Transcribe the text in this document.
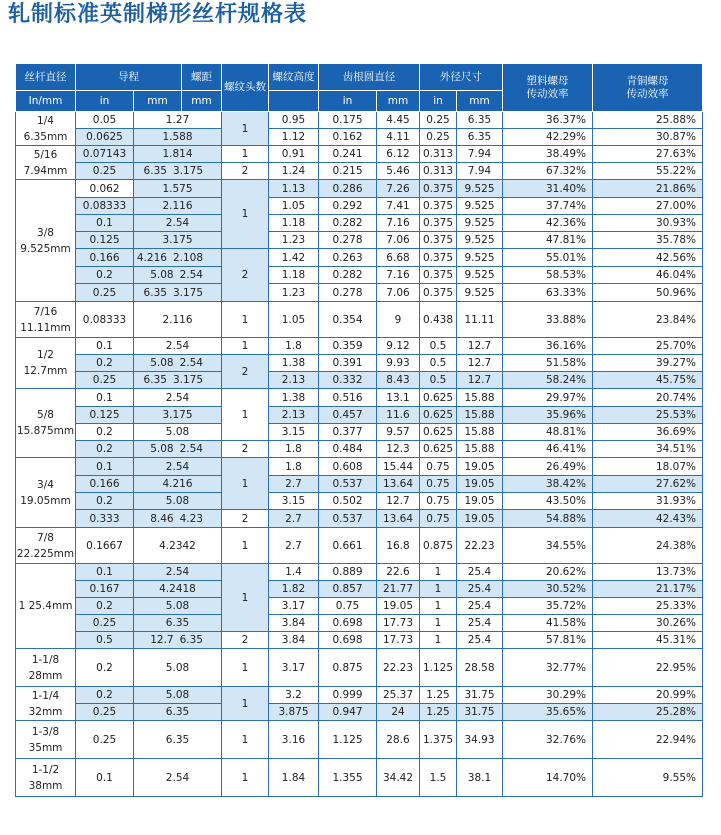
轧制标准英制梯形丝杆规格表
丝杆直径	导程		螺距	螺纹头数	螺纹高度	齿根圆直径		外径尺寸		塑料螺母传动效率	青铜螺母传动效率
In/mm	in	mm	mm			in	mm	in	mm		
1/4 6.35mm	0.05	1.27		1	0.95	0.175	4.45	0.25	6.35	36.37%	25.88%
	0.0625	1.588			1.12	0.162	4.11	0.25	6.35	42.29%	30.87%
5/16 7.94mm	0.07143	1.814		1	0.91	0.241	6.12	0.313	7.94	38.49%	27.63%
	0.25	6.35 3.175		2	1.24	0.215	5.46	0.313	7.94	67.32%	55.22%
3/8 9.525mm	0.062	1.575		1	1.13	0.286	7.26	0.375	9.525	31.40%	21.86%
	0.08333	2.116			1.05	0.292	7.41	0.375	9.525	37.74%	27.00%
	0.1	2.54			1.18	0.282	7.16	0.375	9.525	42.36%	30.93%
	0.125	3.175			1.23	0.278	7.06	0.375	9.525	47.81%	35.78%
	0.166	4.216 2.108		2	1.42	0.263	6.68	0.375	9.525	55.01%	42.56%
	0.2	5.08 2.54			1.18	0.282	7.16	0.375	9.525	58.53%	46.04%
	0.25	6.35 3.175			1.23	0.278	7.06	0.375	9.525	63.33%	50.96%
7/16 11.11mm	0.08333	2.116		1	1.05	0.354	9	0.438	11.11	33.88%	23.84%
1/2 12.7mm	0.1	2.54		1	1.8	0.359	9.12	0.5	12.7	36.16%	25.70%
	0.2	5.08 2.54		2	1.38	0.391	9.93	0.5	12.7	51.58%	39.27%
	0.25	6.35 3.175			2.13	0.332	8.43	0.5	12.7	58.24%	45.75%
5/8 15.875mm	0.1	2.54		1	1.38	0.516	13.1	0.625	15.88	29.97%	20.74%
	0.125	3.175			2.13	0.457	11.6	0.625	15.88	35.96%	25.53%
	0.2	5.08			3.15	0.377	9.57	0.625	15.88	48.81%	36.69%
	0.2	5.08 2.54		2	1.8	0.484	12.3	0.625	15.88	46.41%	34.51%
3/4 19.05mm	0.1	2.54		1	1.8	0.608	15.44	0.75	19.05	26.49%	18.07%
	0.166	4.216			2.7	0.537	13.64	0.75	19.05	38.42%	27.62%
	0.2	5.08			3.15	0.502	12.7	0.75	19.05	43.50%	31.93%
	0.333	8.46 4.23		2	2.7	0.537	13.64	0.75	19.05	54.88%	42.43%
7/8 22.225mm	0.1667	4.2342		1	2.7	0.661	16.8	0.875	22.23	34.55%	24.38%
1 25.4mm	0.1	2.54		1	1.4	0.889	22.6	1	25.4	20.62%	13.73%
	0.167	4.2418			1.82	0.857	21.77	1	25.4	30.52%	21.17%
	0.2	5.08			3.17	0.75	19.05	1	25.4	35.72%	25.33%
	0.25	6.35			3.84	0.698	17.73	1	25.4	41.58%	30.26%
	0.5	12.7 6.35		2	3.84	0.698	17.73	1	25.4	57.81%	45.31%
1-1/8 28mm	0.2	5.08		1	3.17	0.875	22.23	1.125	28.58	32.77%	22.95%
1-1/4 32mm	0.2	5.08		1	3.2	0.999	25.37	1.25	31.75	30.29%	20.99%
	0.25	6.35			3.875	0.947	24	1.25	31.75	35.65%	25.28%
1-3/8 35mm	0.25	6.35		1	3.16	1.125	28.6	1.375	34.93	32.76%	22.94%
1-1/2 38mm	0.1	2.54		1	1.84	1.355	34.42	1.5	38.1	14.70%	9.55%
